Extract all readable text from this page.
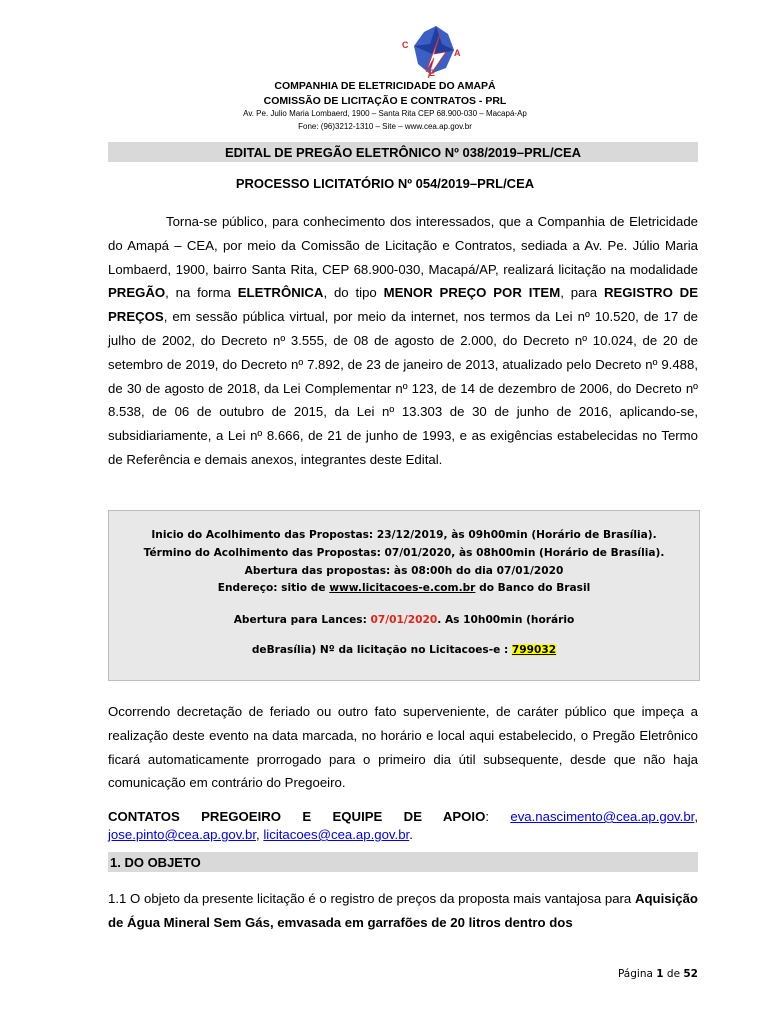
C
A
E
COMPANHIA DE ELETRICIDADE DO AMAPÁ
COMISSÃO DE LICITAÇÃO E CONTRATOS - PRL
Av. Pe. Julio Maria Lombaerd, 1900 – Santa Rita CEP 68.900-030 – Macapá-Ap
Fone: (96)3212-1310 – Site – www.cea.ap.gov.br
EDITAL DE PREGÃO ELETRÔNICO Nº 038/2019–PRL/CEA
PROCESSO LICITATÓRIO Nº 054/2019–PRL/CEA
Torna-se público, para conhecimento dos interessados, que a Companhia de Eletricidade do Amapá – CEA, por meio da Comissão de Licitação e Contratos, sediada a Av. Pe. Júlio Maria Lombaerd, 1900, bairro Santa Rita, CEP 68.900-030, Macapá/AP, realizará licitação na modalidade PREGÃO, na forma ELETRÔNICA, do tipo MENOR PREÇO POR ITEM, para REGISTRO DE PREÇOS, em sessão pública virtual, por meio da internet, nos termos da Lei nº 10.520, de 17 de julho de 2002, do Decreto nº 3.555, de 08 de agosto de 2.000, do Decreto nº 10.024, de 20 de setembro de 2019, do Decreto nº 7.892, de 23 de janeiro de 2013, atualizado pelo Decreto nº 9.488, de 30 de agosto de 2018, da Lei Complementar nº 123, de 14 de dezembro de 2006, do Decreto nº 8.538, de 06 de outubro de 2015, da Lei nº 13.303 de 30 de junho de 2016, aplicando-se, subsidiariamente, a Lei nº 8.666, de 21 de junho de 1993, e as exigências estabelecidas no Termo de Referência e demais anexos, integrantes deste Edital.
Inicio do Acolhimento das Propostas: 23/12/2019, às 09h00min (Horário de Brasília).
Término do Acolhimento das Propostas: 07/01/2020, às 08h00min (Horário de Brasília).
Abertura das propostas: às 08:00h do dia 07/01/2020
Endereço: sitio de www.licitacoes-e.com.br do Banco do Brasil
Abertura para Lances: 07/01/2020. As 10h00min (horário
deBrasília) Nº da licitação no Licitacoes-e : 799032
Ocorrendo decretação de feriado ou outro fato superveniente, de caráter público que impeça a realização deste evento na data marcada, no horário e local aqui estabelecido, o Pregão Eletrônico ficará automaticamente prorrogado para o primeiro dia útil subsequente, desde que não haja comunicação em contrário do Pregoeiro.
CONTATOS PREGOEIRO E EQUIPE DE APOIO: eva.nascimento@cea.ap.gov.br, jose.pinto@cea.ap.gov.br, licitacoes@cea.ap.gov.br.
1. DO OBJETO
1.1 O objeto da presente licitação é o registro de preços da proposta mais vantajosa para Aquisição de Água Mineral Sem Gás, emvasada em garrafões de 20 litros dentro dos
Página 1 de 52
